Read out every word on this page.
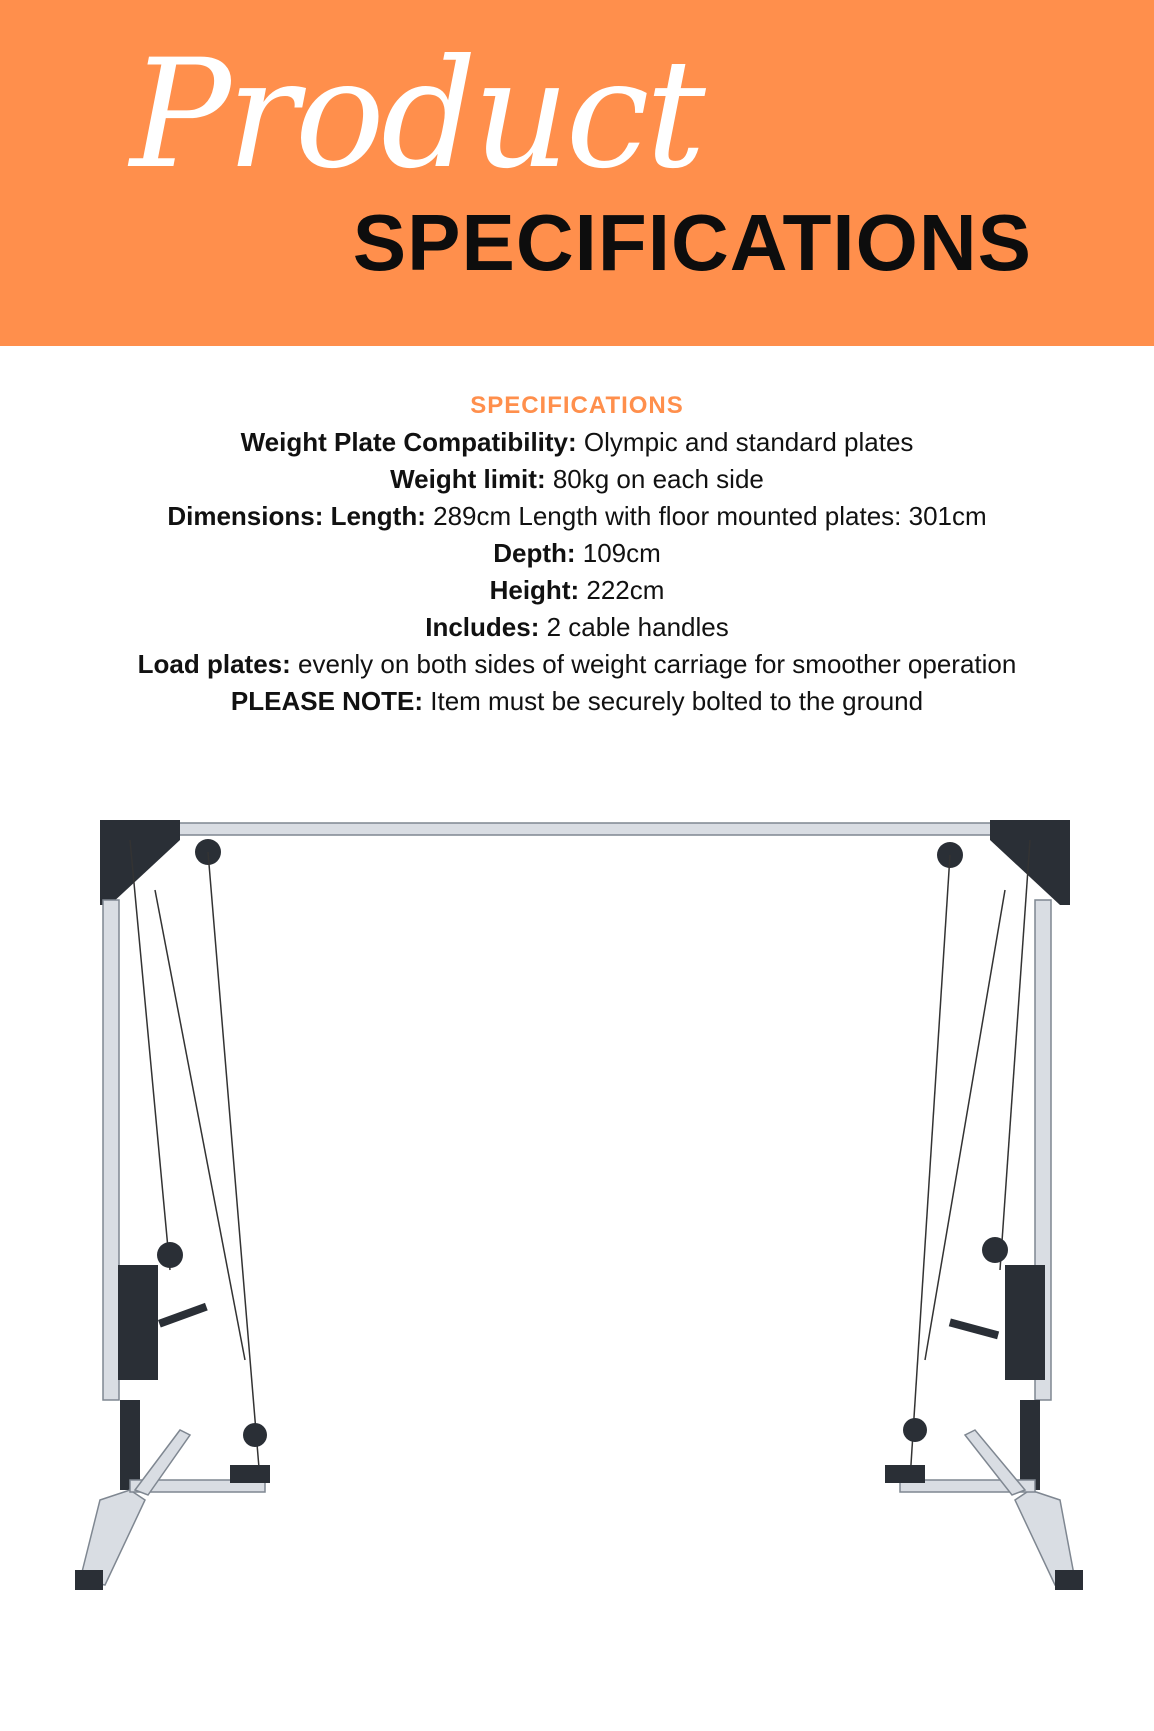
Product
SPECIFICATIONS
SPECIFICATIONS
Weight Plate Compatibility: Olympic and standard plates
Weight limit: 80kg on each side
Dimensions: Length: 289cm Length with floor mounted plates: 301cm
Depth: 109cm
Height: 222cm
Includes: 2 cable handles
Load plates: evenly on both sides of weight carriage for smoother operation
PLEASE NOTE: Item must be securely bolted to the ground
